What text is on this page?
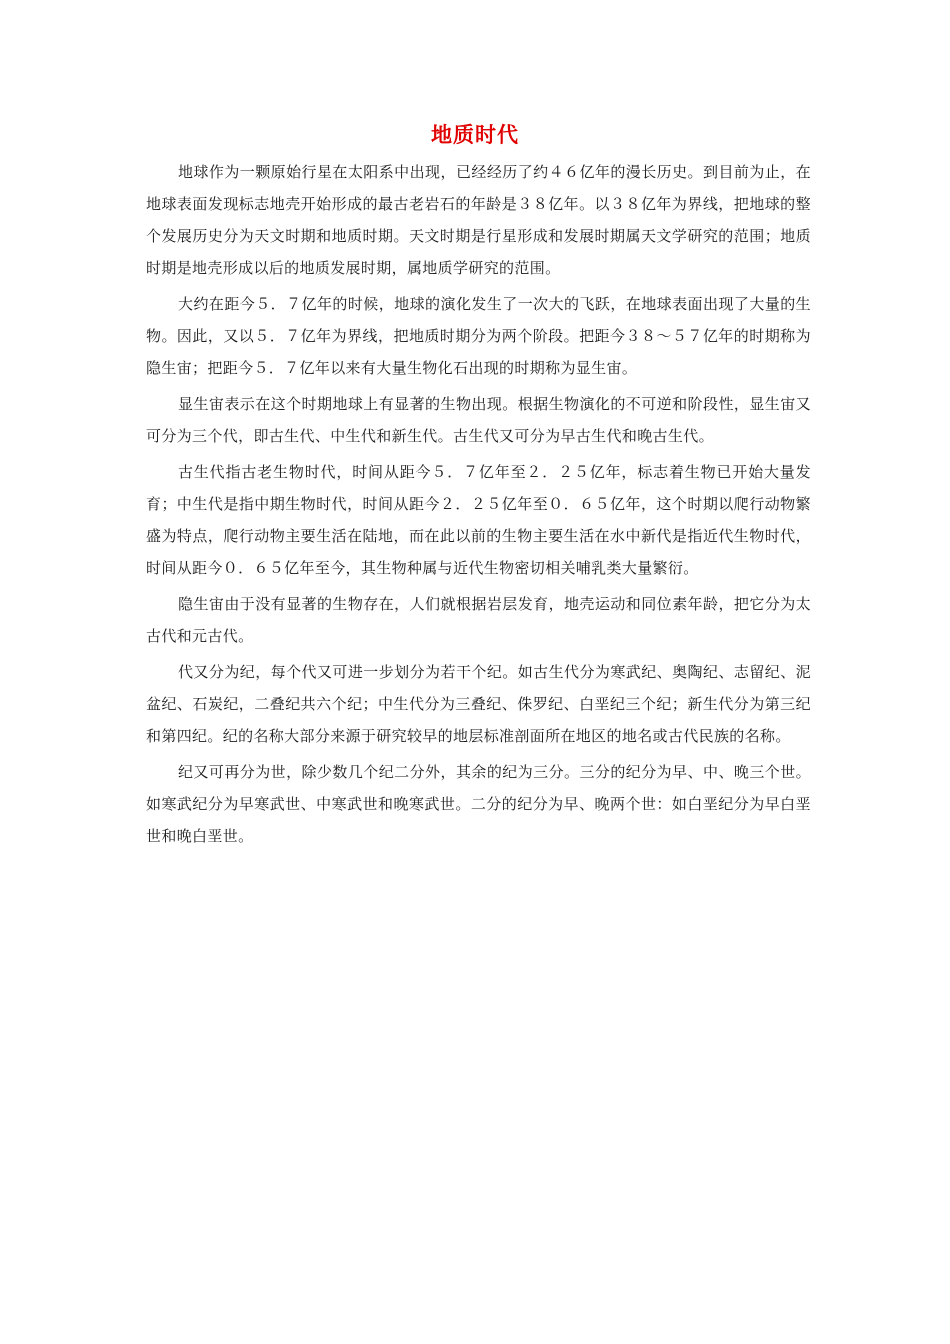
地质时代

地球作为一颗原始行星在太阳系中出现，已经经历了约４６亿年的漫长历史。到目前为止，在地球表面发现标志地壳开始形成的最古老岩石的年龄是３８亿年。以３８亿年为界线，把地球的整个发展历史分为天文时期和地质时期。天文时期是行星形成和发展时期属天文学研究的范围；地质时期是地壳形成以后的地质发展时期，属地质学研究的范围。

大约在距今５．７亿年的时候，地球的演化发生了一次大的飞跃，在地球表面出现了大量的生物。因此，又以５．７亿年为界线，把地质时期分为两个阶段。把距今３８～５７亿年的时期称为隐生宙；把距今５．７亿年以来有大量生物化石出现的时期称为显生宙。

显生宙表示在这个时期地球上有显著的生物出现。根据生物演化的不可逆和阶段性，显生宙又可分为三个代，即古生代、中生代和新生代。古生代又可分为早古生代和晚古生代。

古生代指古老生物时代，时间从距今５．７亿年至２．２５亿年，标志着生物已开始大量发育；中生代是指中期生物时代，时间从距今２．２５亿年至０．６５亿年，这个时期以爬行动物繁盛为特点，爬行动物主要生活在陆地，而在此以前的生物主要生活在水中新代是指近代生物时代，时间从距今０．６５亿年至今，其生物种属与近代生物密切相关哺乳类大量繁衍。

隐生宙由于没有显著的生物存在，人们就根据岩层发育，地壳运动和同位素年龄，把它分为太古代和元古代。

代又分为纪，每个代又可进一步划分为若干个纪。如古生代分为寒武纪、奥陶纪、志留纪、泥盆纪、石炭纪，二叠纪共六个纪；中生代分为三叠纪、侏罗纪、白垩纪三个纪；新生代分为第三纪和第四纪。纪的名称大部分来源于研究较早的地层标准剖面所在地区的地名或古代民族的名称。

纪又可再分为世，除少数几个纪二分外，其余的纪为三分。三分的纪分为早、中、晚三个世。如寒武纪分为早寒武世、中寒武世和晚寒武世。二分的纪分为早、晚两个世：如白垩纪分为早白垩世和晚白垩世。
